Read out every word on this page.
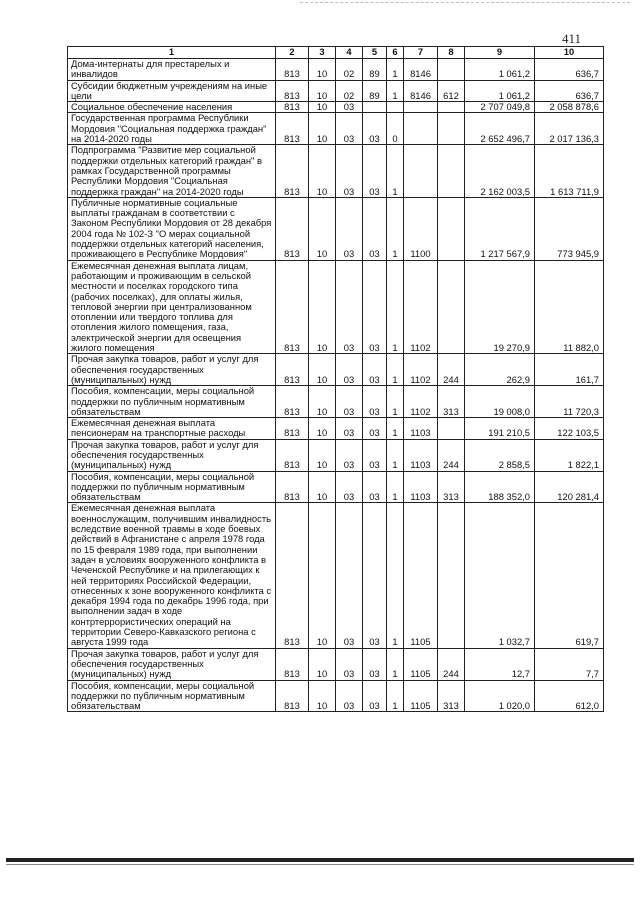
411
1	2	3	4	5	6	7	8	9	10
Дома-интернаты для престарелых и инвалидов	813	10	02	89	1	8146		1 061,2	636,7
Субсидии бюджетным учреждениям на иные цели	813	10	02	89	1	8146	612	1 061,2	636,7
Социальное обеспечение населения	813	10	03					2 707 049,8	2 058 878,6
Государственная программа Республики Мордовия "Социальная поддержка граждан" на 2014-2020 годы	813	10	03	03	0			2 652 496,7	2 017 136,3
Подпрограмма "Развитие мер социальной поддержки отдельных категорий граждан" в рамках Государственной программы Республики Мордовия "Социальная поддержка граждан" на 2014-2020 годы	813	10	03	03	1			2 162 003,5	1 613 711,9
Публичные нормативные социальные выплаты гражданам в соответствии с Законом Республики Мордовия от 28 декабря 2004 года № 102-З "О мерах социальной поддержки отдельных категорий населения, проживающего в Республике Мордовия"	813	10	03	03	1	1100		1 217 567,9	773 945,9
Ежемесячная денежная выплата лицам, работающим и проживающим в сельской местности и поселках городского типа (рабочих поселках), для оплаты жилья, тепловой энергии при централизованном отоплении или твердого топлива для отопления жилого помещения, газа, электрической энергии для освещения жилого помещения	813	10	03	03	1	1102		19 270,9	11 882,0
Прочая закупка товаров, работ и услуг для обеспечения государственных (муниципальных) нужд	813	10	03	03	1	1102	244	262,9	161,7
Пособия, компенсации, меры социальной поддержки по публичным нормативным обязательствам	813	10	03	03	1	1102	313	19 008,0	11 720,3
Ежемесячная денежная выплата пенсионерам на транспортные расходы	813	10	03	03	1	1103		191 210,5	122 103,5
Прочая закупка товаров, работ и услуг для обеспечения государственных (муниципальных) нужд	813	10	03	03	1	1103	244	2 858,5	1 822,1
Пособия, компенсации, меры социальной поддержки по публичным нормативным обязательствам	813	10	03	03	1	1103	313	188 352,0	120 281,4
Ежемесячная денежная выплата военнослужащим, получившим инвалидность вследствие военной травмы в ходе боевых действий в Афганистане с апреля 1978 года по 15 февраля 1989 года, при выполнении задач в условиях вооруженного конфликта в Чеченской Республике и на прилегающих к ней территориях Российской Федерации, отнесенных к зоне вооруженного конфликта с декабря 1994 года по декабрь 1996 года, при выполнении задач в ходе контртеррористических операций на территории Северо-Кавказского региона с августа 1999 года	813	10	03	03	1	1105		1 032,7	619,7
Прочая закупка товаров, работ и услуг для обеспечения государственных (муниципальных) нужд	813	10	03	03	1	1105	244	12,7	7,7
Пособия, компенсации, меры социальной поддержки по публичным нормативным обязательствам	813	10	03	03	1	1105	313	1 020,0	612,0
